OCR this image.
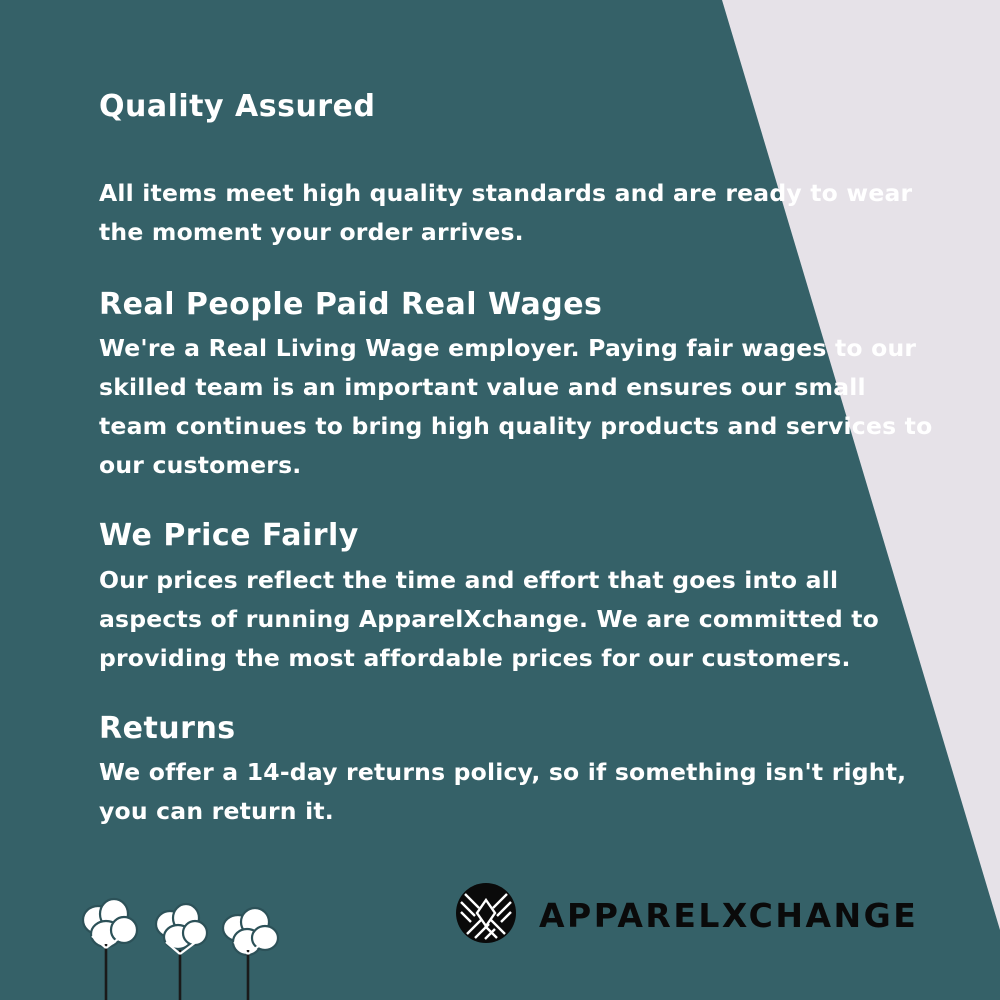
Quality Assured

All items meet high quality standards and are ready to wear the moment your order arrives.

Real People Paid Real Wages

We're a Real Living Wage employer. Paying fair wages to our skilled team is an important value and ensures our small team continues to bring high quality products and services to our customers.

We Price Fairly

Our prices reflect the time and effort that goes into all aspects of running ApparelXchange. We are committed to providing the most affordable prices for our customers.

Returns

We offer a 14-day returns policy, so if something isn't right, you can return it.

APPARELXCHANGE
